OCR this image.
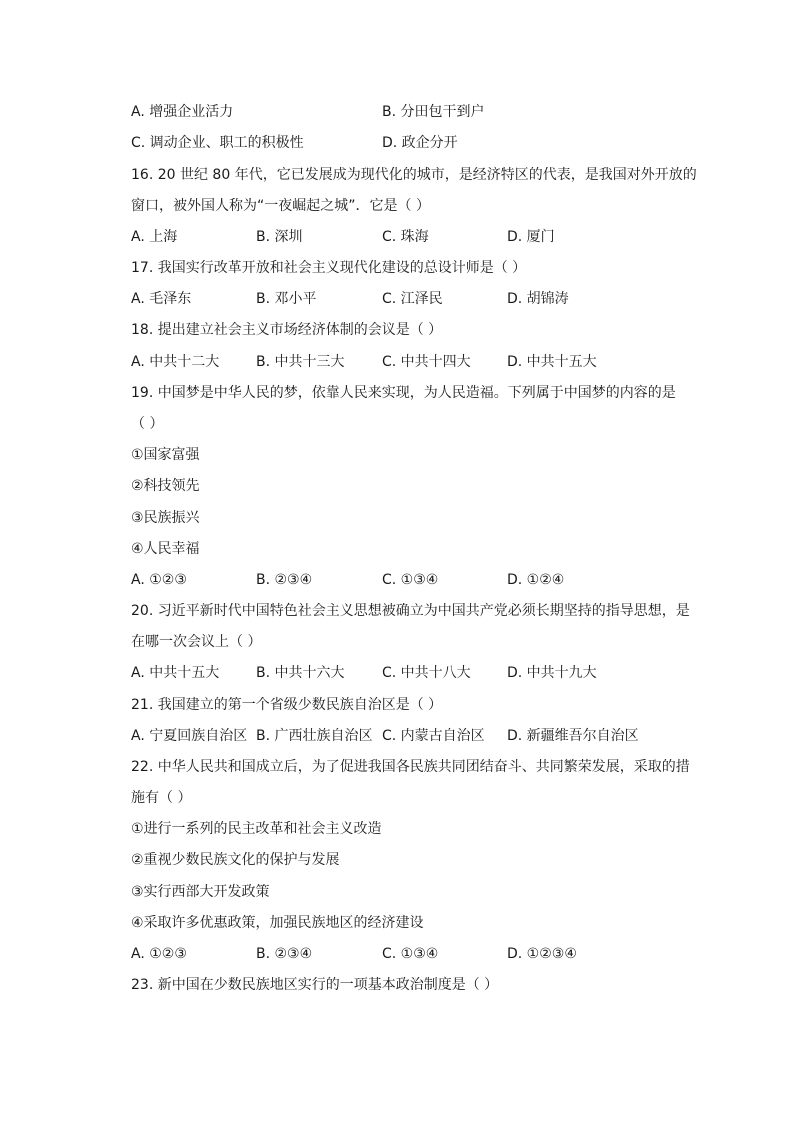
A. 增强企业活力	B. 分田包干到户
C. 调动企业、职工的积极性	D. 政企分开
16. 20 世纪 80 年代，它已发展成为现代化的城市，是经济特区的代表，是我国对外开放的
窗口，被外国人称为“一夜崛起之城”．它是（ ）
A. 上海	B. 深圳	C. 珠海	D. 厦门
17. 我国实行改革开放和社会主义现代化建设的总设计师是（ ）
A. 毛泽东	B. 邓小平	C. 江泽民	D. 胡锦涛
18. 提出建立社会主义市场经济体制的会议是（ ）
A. 中共十二大	B. 中共十三大	C. 中共十四大	D. 中共十五大
19. 中国梦是中华人民的梦，依靠人民来实现，为人民造福。下列属于中国梦的内容的是
（ ）
①国家富强
②科技领先
③民族振兴
④人民幸福
A. ①②③	B. ②③④	C. ①③④	D. ①②④
20. 习近平新时代中国特色社会主义思想被确立为中国共产党必须长期坚持的指导思想，是
在哪一次会议上（ ）
A. 中共十五大	B. 中共十六大	C. 中共十八大	D. 中共十九大
21. 我国建立的第一个省级少数民族自治区是（ ）
A. 宁夏回族自治区 B. 广西壮族自治区 C. 内蒙古自治区 D. 新疆维吾尔自治区
22. 中华人民共和国成立后，为了促进我国各民族共同团结奋斗、共同繁荣发展，采取的措
施有（ ）
①进行一系列的民主改革和社会主义改造
②重视少数民族文化的保护与发展
③实行西部大开发政策
④采取许多优惠政策，加强民族地区的经济建设
A. ①②③	B. ②③④	C. ①③④	D. ①②③④
23. 新中国在少数民族地区实行的一项基本政治制度是（ ）
